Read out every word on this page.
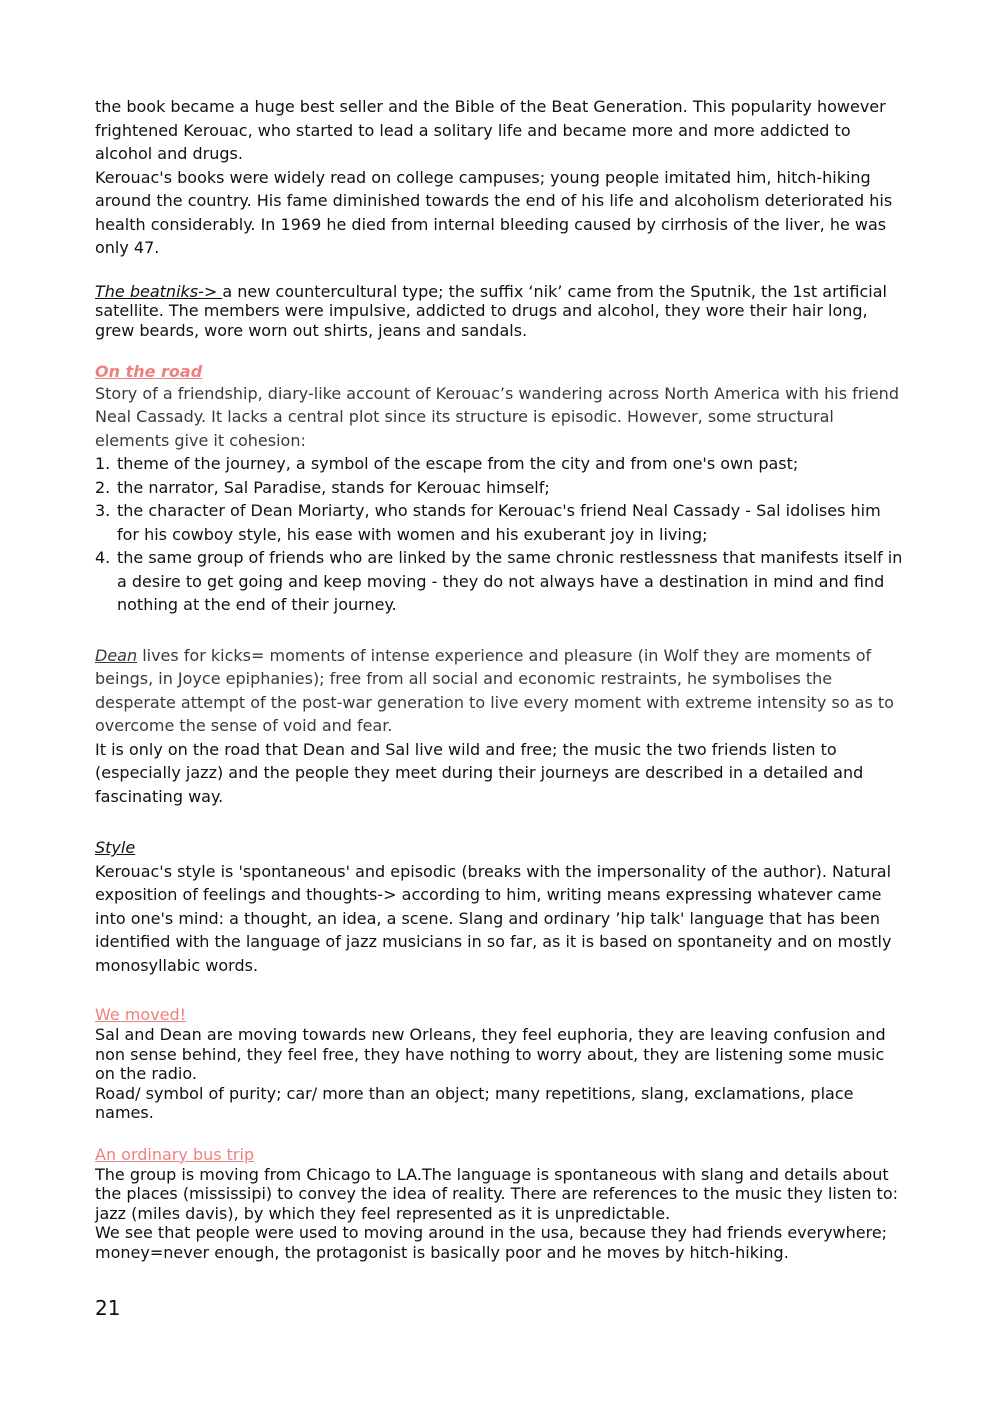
the book became a huge best seller and the Bible of the Beat Generation. This popularity however frightened Kerouac, who started to lead a solitary life and became more and more addicted to alcohol and drugs.

Kerouac's books were widely read on college campuses; young people imitated him, hitch-hiking around the country. His fame diminished towards the end of his life and alcoholism deteriorated his health considerably. In 1969 he died from internal bleeding caused by cirrhosis of the liver, he was only 47.

The beatniks-> a new countercultural type; the suffix ‘nik’ came from the Sputnik, the 1st artificial satellite. The members were impulsive, addicted to drugs and alcohol, they wore their hair long, grew beards, wore worn out shirts, jeans and sandals.

On the road

Story of a friendship, diary-like account of Kerouac’s wandering across North America with his friend Neal Cassady. It lacks a central plot since its structure is episodic. However, some structural elements give it cohesion:

1. theme of the journey, a symbol of the escape from the city and from one's own past;
2. the narrator, Sal Paradise, stands for Kerouac himself;
3. the character of Dean Moriarty, who stands for Kerouac's friend Neal Cassady - Sal idolises him for his cowboy style, his ease with women and his exuberant joy in living;
4. the same group of friends who are linked by the same chronic restlessness that manifests itself in a desire to get going and keep moving - they do not always have a destination in mind and find nothing at the end of their journey.

Dean lives for kicks= moments of intense experience and pleasure (in Wolf they are moments of beings, in Joyce epiphanies); free from all social and economic restraints, he symbolises the desperate attempt of the post-war generation to live every moment with extreme intensity so as to overcome the sense of void and fear.

It is only on the road that Dean and Sal live wild and free; the music the two friends listen to (especially jazz) and the people they meet during their journeys are described in a detailed and fascinating way.

Style

Kerouac's style is 'spontaneous' and episodic (breaks with the impersonality of the author). Natural exposition of feelings and thoughts-> according to him, writing means expressing whatever came into one's mind: a thought, an idea, a scene. Slang and ordinary ’hip talk' language that has been identified with the language of jazz musicians in so far, as it is based on spontaneity and on mostly monosyllabic words.

We moved!

Sal and Dean are moving towards new Orleans, they feel euphoria, they are leaving confusion and non sense behind, they feel free, they have nothing to worry about, they are listening some music on the radio.

Road/ symbol of purity; car/ more than an object; many repetitions, slang, exclamations, place names.

An ordinary bus trip

The group is moving from Chicago to LA.The language is spontaneous with slang and details about the places (mississipi) to convey the idea of reality. There are references to the music they listen to: jazz (miles davis), by which they feel represented as it is unpredictable.

We see that people were used to moving around in the usa, because they had friends everywhere; money=never enough, the protagonist is basically poor and he moves by hitch-hiking.

21
